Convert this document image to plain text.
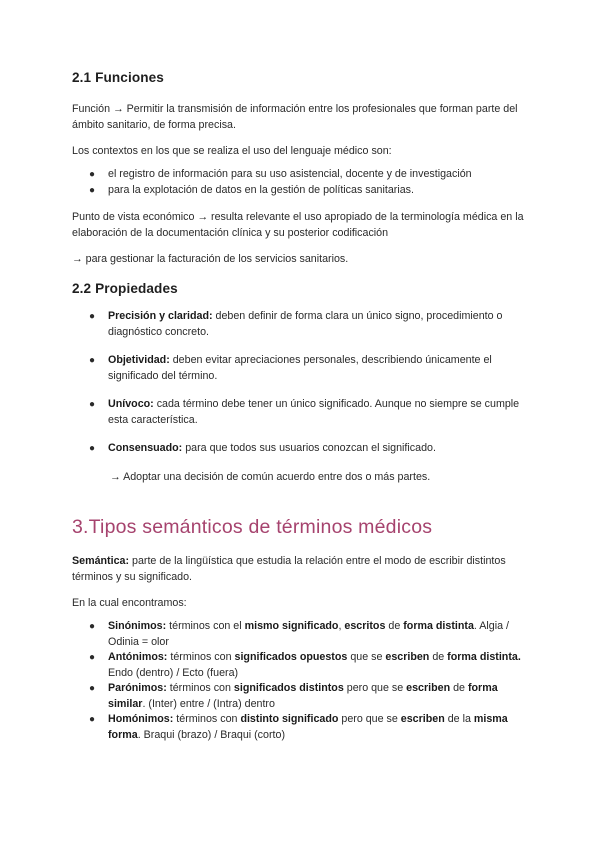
2.1 Funciones

Función → Permitir la transmisión de información entre los profesionales que forman parte del ámbito sanitario, de forma precisa.

Los contextos en los que se realiza el uso del lenguaje médico son:

● el registro de información para su uso asistencial, docente y de investigación
● para la explotación de datos en la gestión de políticas sanitarias.

Punto de vista económico → resulta relevante el uso apropiado de la terminología médica en la elaboración de la documentación clínica y su posterior codificación

→ para gestionar la facturación de los servicios sanitarios.

2.2 Propiedades
● Precisión y claridad: deben definir de forma clara un único signo, procedimiento o diagnóstico concreto.
● Objetividad: deben evitar apreciaciones personales, describiendo únicamente el significado del término.
● Unívoco: cada término debe tener un único significado. Aunque no siempre se cumple esta característica.
● Consensuado: para que todos sus usuarios conozcan el significado.

→ Adoptar una decisión de común acuerdo entre dos o más partes.

3.Tipos semánticos de términos médicos

Semántica: parte de la lingüística que estudia la relación entre el modo de escribir distintos términos y su significado.

En la cual encontramos:

● Sinónimos: términos con el mismo significado, escritos de forma distinta. Algia / Odinia = olor
● Antónimos: términos con significados opuestos que se escriben de forma distinta. Endo (dentro) / Ecto (fuera)
● Parónimos: términos con significados distintos pero que se escriben de forma similar. (Inter) entre / (Intra) dentro
● Homónimos: términos con distinto significado pero que se escriben de la misma forma. Braqui (brazo) / Braqui (corto)
